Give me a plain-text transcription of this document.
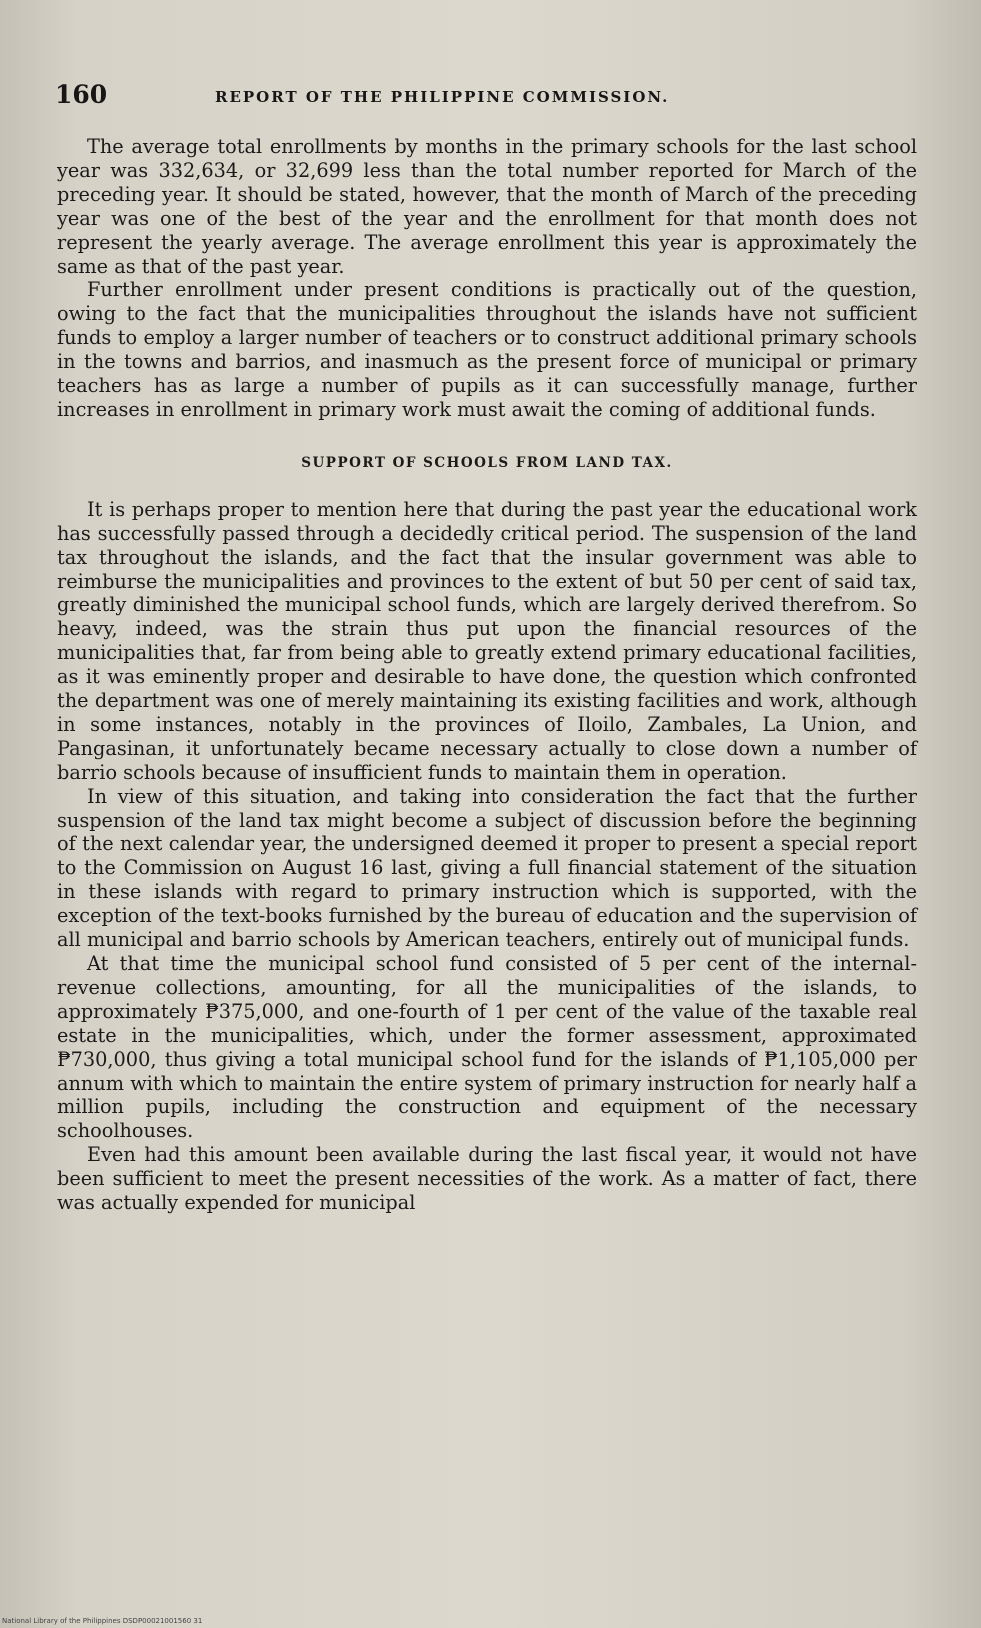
160	REPORT OF THE PHILIPPINE COMMISSION.

The average total enrollments by months in the primary schools for the last school year was 332,634, or 32,699 less than the total number reported for March of the preceding year. It should be stated, however, that the month of March of the preceding year was one of the best of the year and the enrollment for that month does not represent the yearly average. The average enrollment this year is approximately the same as that of the past year.

Further enrollment under present conditions is practically out of the question, owing to the fact that the municipalities throughout the islands have not sufficient funds to employ a larger number of teachers or to construct additional primary schools in the towns and barrios, and inasmuch as the present force of municipal or primary teachers has as large a number of pupils as it can successfully manage, further increases in enrollment in primary work must await the coming of additional funds.

SUPPORT OF SCHOOLS FROM LAND TAX.

It is perhaps proper to mention here that during the past year the educational work has successfully passed through a decidedly critical period. The suspension of the land tax throughout the islands, and the fact that the insular government was able to reimburse the municipalities and provinces to the extent of but 50 per cent of said tax, greatly diminished the municipal school funds, which are largely derived therefrom. So heavy, indeed, was the strain thus put upon the financial resources of the municipalities that, far from being able to greatly extend primary educational facilities, as it was eminently proper and desirable to have done, the question which confronted the department was one of merely maintaining its existing facilities and work, although in some instances, notably in the provinces of Iloilo, Zambales, La Union, and Pangasinan, it unfortunately became necessary actually to close down a number of barrio schools because of insufficient funds to maintain them in operation.

In view of this situation, and taking into consideration the fact that the further suspension of the land tax might become a subject of discussion before the beginning of the next calendar year, the undersigned deemed it proper to present a special report to the Commission on August 16 last, giving a full financial statement of the situation in these islands with regard to primary instruction which is supported, with the exception of the text-books furnished by the bureau of education and the supervision of all municipal and barrio schools by American teachers, entirely out of municipal funds.

At that time the municipal school fund consisted of 5 per cent of the internal-revenue collections, amounting, for all the municipalities of the islands, to approximately ₱375,000, and one-fourth of 1 per cent of the value of the taxable real estate in the municipalities, which, under the former assessment, approximated ₱730,000, thus giving a total municipal school fund for the islands of ₱1,105,000 per annum with which to maintain the entire system of primary instruction for nearly half a million pupils, including the construction and equipment of the necessary schoolhouses.

Even had this amount been available during the last fiscal year, it would not have been sufficient to meet the present necessities of the work. As a matter of fact, there was actually expended for municipal

National Library of the Philippines DSDP00021001560 31
